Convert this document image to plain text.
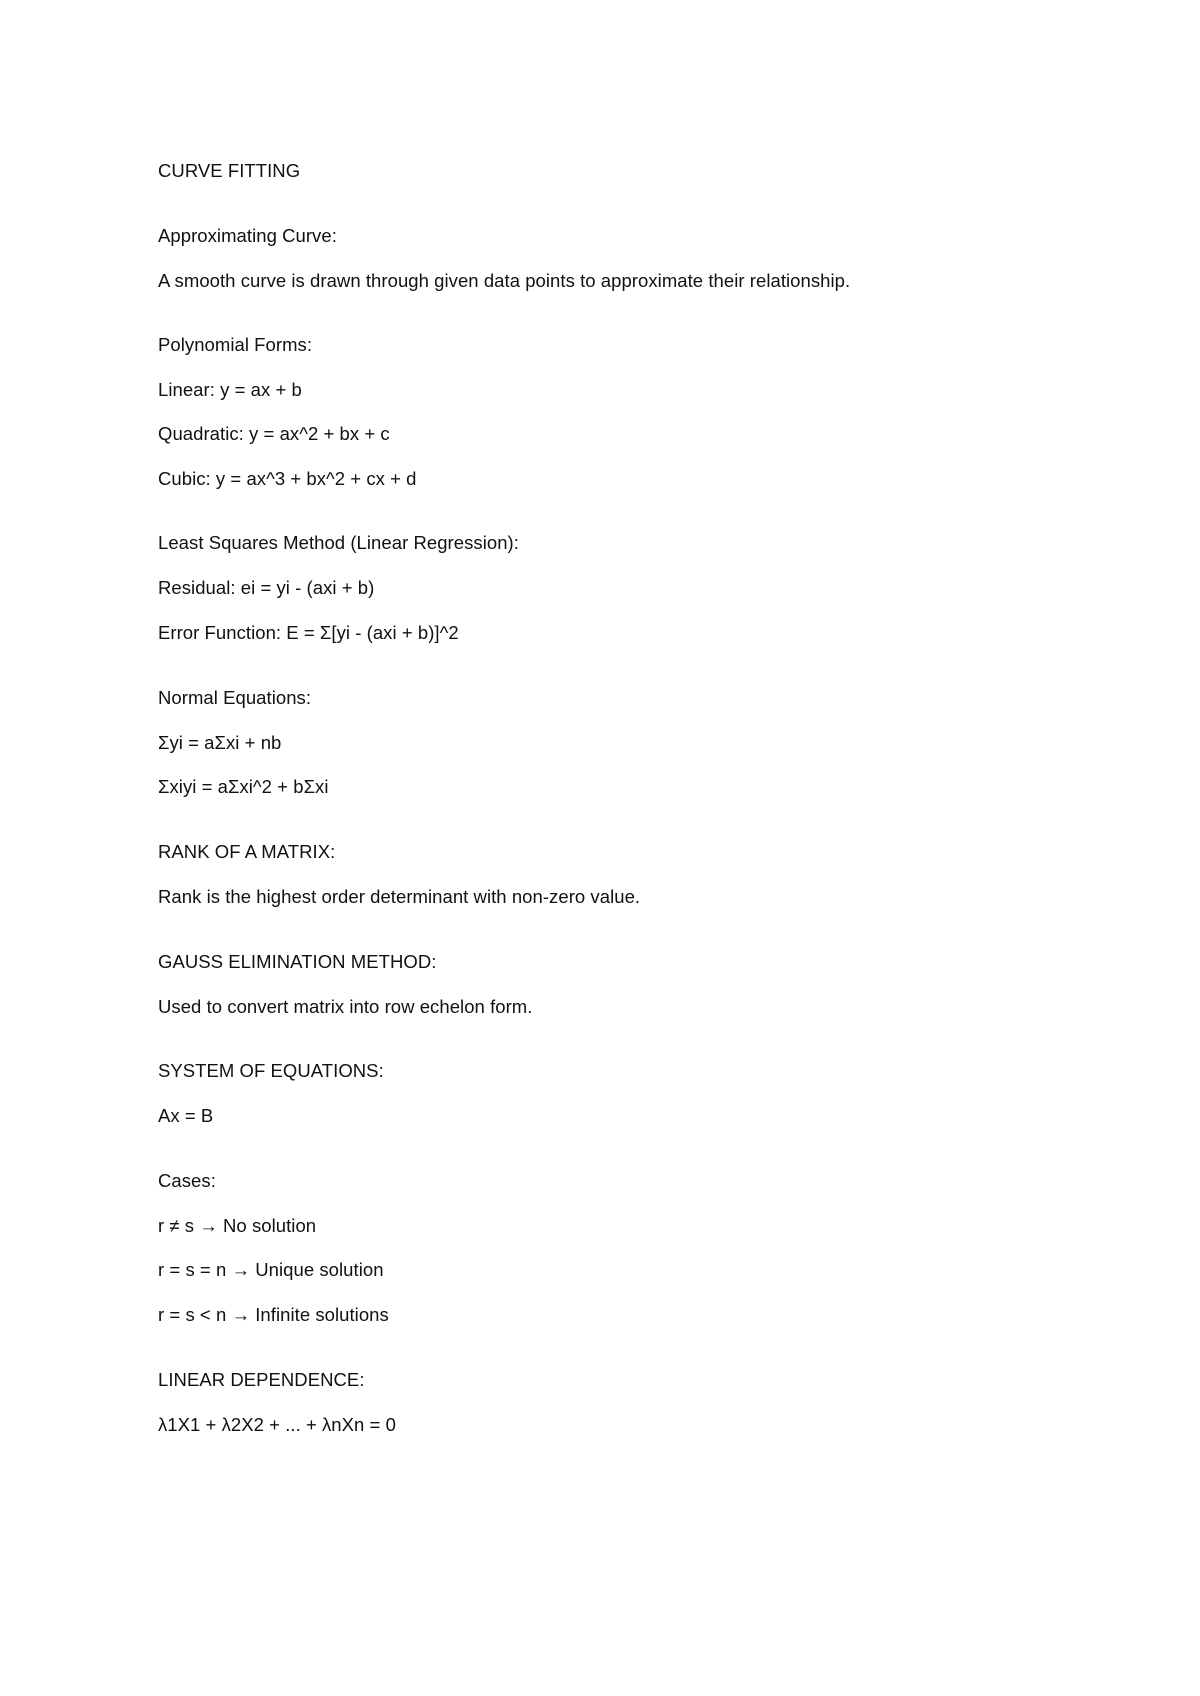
CURVE FITTING
Approximating Curve:
A smooth curve is drawn through given data points to approximate their relationship.
Polynomial Forms:
Linear: y = ax + b
Quadratic: y = ax^2 + bx + c
Cubic: y = ax^3 + bx^2 + cx + d
Least Squares Method (Linear Regression):
Residual: ei = yi - (axi + b)
Error Function: E = Σ[yi - (axi + b)]^2
Normal Equations:
Σyi = aΣxi + nb
Σxiyi = aΣxi^2 + bΣxi
RANK OF A MATRIX:
Rank is the highest order determinant with non-zero value.
GAUSS ELIMINATION METHOD:
Used to convert matrix into row echelon form.
SYSTEM OF EQUATIONS:
Ax = B
Cases:
r ≠ s → No solution
r = s = n → Unique solution
r = s < n → Infinite solutions
LINEAR DEPENDENCE:
λ1X1 + λ2X2 + ... + λnXn = 0
